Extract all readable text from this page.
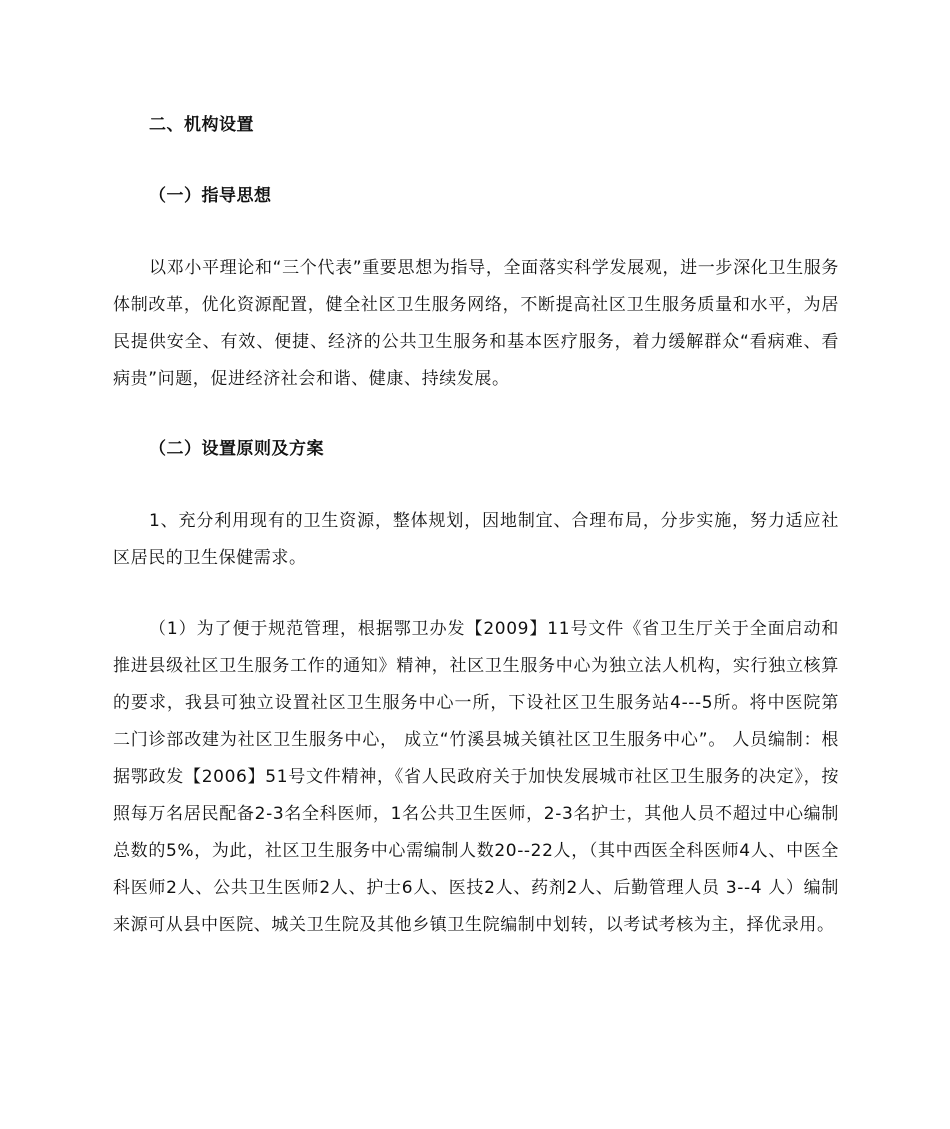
二、机构设置
（一）指导思想

以邓小平理论和“三个代表”重要思想为指导，全面落实科学发展观，进一步深化卫生服务体制改革，优化资源配置，健全社区卫生服务网络，不断提高社区卫生服务质量和水平，为居民提供安全、有效、便捷、经济的公共卫生服务和基本医疗服务，着力缓解群众“看病难、看病贵”问题，促进经济社会和谐、健康、持续发展。

（二）设置原则及方案

1、充分利用现有的卫生资源，整体规划，因地制宜、合理布局，分步实施，努力适应社区居民的卫生保健需求。

（1）为了便于规范管理，根据鄂卫办发【2009】11号文件《省卫生厅关于全面启动和推进县级社区卫生服务工作的通知》精神，社区卫生服务中心为独立法人机构，实行独立核算的要求，我县可独立设置社区卫生服务中心一所，下设社区卫生服务站4---5所。将中医院第二门诊部改建为社区卫生服务中心， 成立“竹溪县城关镇社区卫生服务中心”。 人员编制：根据鄂政发【2006】51号文件精神，《省人民政府关于加快发展城市社区卫生服务的决定》，按照每万名居民配备2-3名全科医师，1名公共卫生医师，2-3名护士，其他人员不超过中心编制总数的5%，为此，社区卫生服务中心需编制人数20--22人，（其中西医全科医师4人、中医全科医师2人、公共卫生医师2人、护士6人、医技2人、药剂2人、后勤管理人员 3--4 人）编制来源可从县中医院、城关卫生院及其他乡镇卫生院编制中划转，以考试考核为主，择优录用。
